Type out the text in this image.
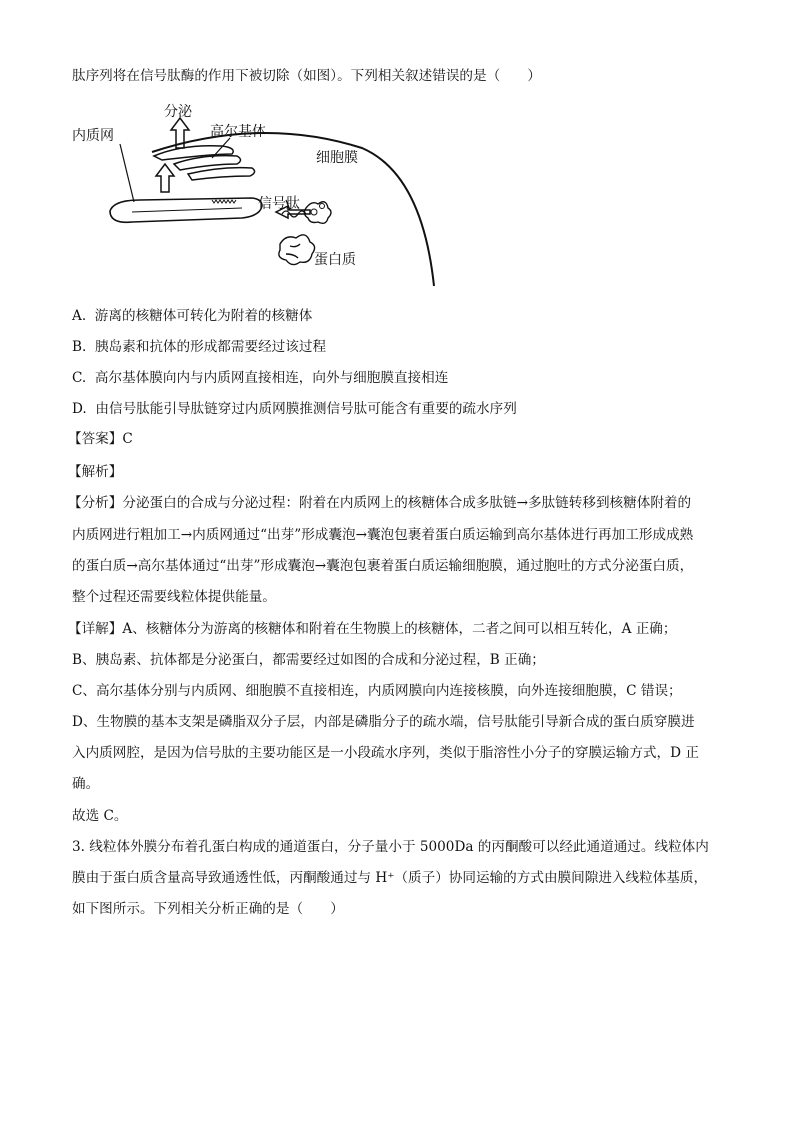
肽序列将在信号肽酶的作用下被切除（如图）。下列相关叙述错误的是（　　）
分泌
高尔基体
内质网
细胞膜
信号肽
蛋白质
A. 游离的核糖体可转化为附着的核糖体
B. 胰岛素和抗体的形成都需要经过该过程
C. 高尔基体膜向内与内质网直接相连，向外与细胞膜直接相连
D. 由信号肽能引导肽链穿过内质网膜推测信号肽可能含有重要的疏水序列
【答案】C
【解析】
【分析】分泌蛋白的合成与分泌过程：附着在内质网上的核糖体合成多肽链→多肽链转移到核糖体附着的
内质网进行粗加工→内质网通过“出芽”形成囊泡→囊泡包裹着蛋白质运输到高尔基体进行再加工形成成熟
的蛋白质→高尔基体通过“出芽”形成囊泡→囊泡包裹着蛋白质运输细胞膜，通过胞吐的方式分泌蛋白质，
整个过程还需要线粒体提供能量。
【详解】A、核糖体分为游离的核糖体和附着在生物膜上的核糖体，二者之间可以相互转化，A 正确；
B、胰岛素、抗体都是分泌蛋白，都需要经过如图的合成和分泌过程，B 正确；
C、高尔基体分别与内质网、细胞膜不直接相连，内质网膜向内连接核膜，向外连接细胞膜，C 错误；
D、生物膜的基本支架是磷脂双分子层，内部是磷脂分子的疏水端，信号肽能引导新合成的蛋白质穿膜进
入内质网腔，是因为信号肽的主要功能区是一小段疏水序列，类似于脂溶性小分子的穿膜运输方式，D 正
确。
故选 C。
3. 线粒体外膜分布着孔蛋白构成的通道蛋白，分子量小于 5000Da 的丙酮酸可以经此通道通过。线粒体内
膜由于蛋白质含量高导致通透性低，丙酮酸通过与 H⁺（质子）协同运输的方式由膜间隙进入线粒体基质，
如下图所示。下列相关分析正确的是（　　）
